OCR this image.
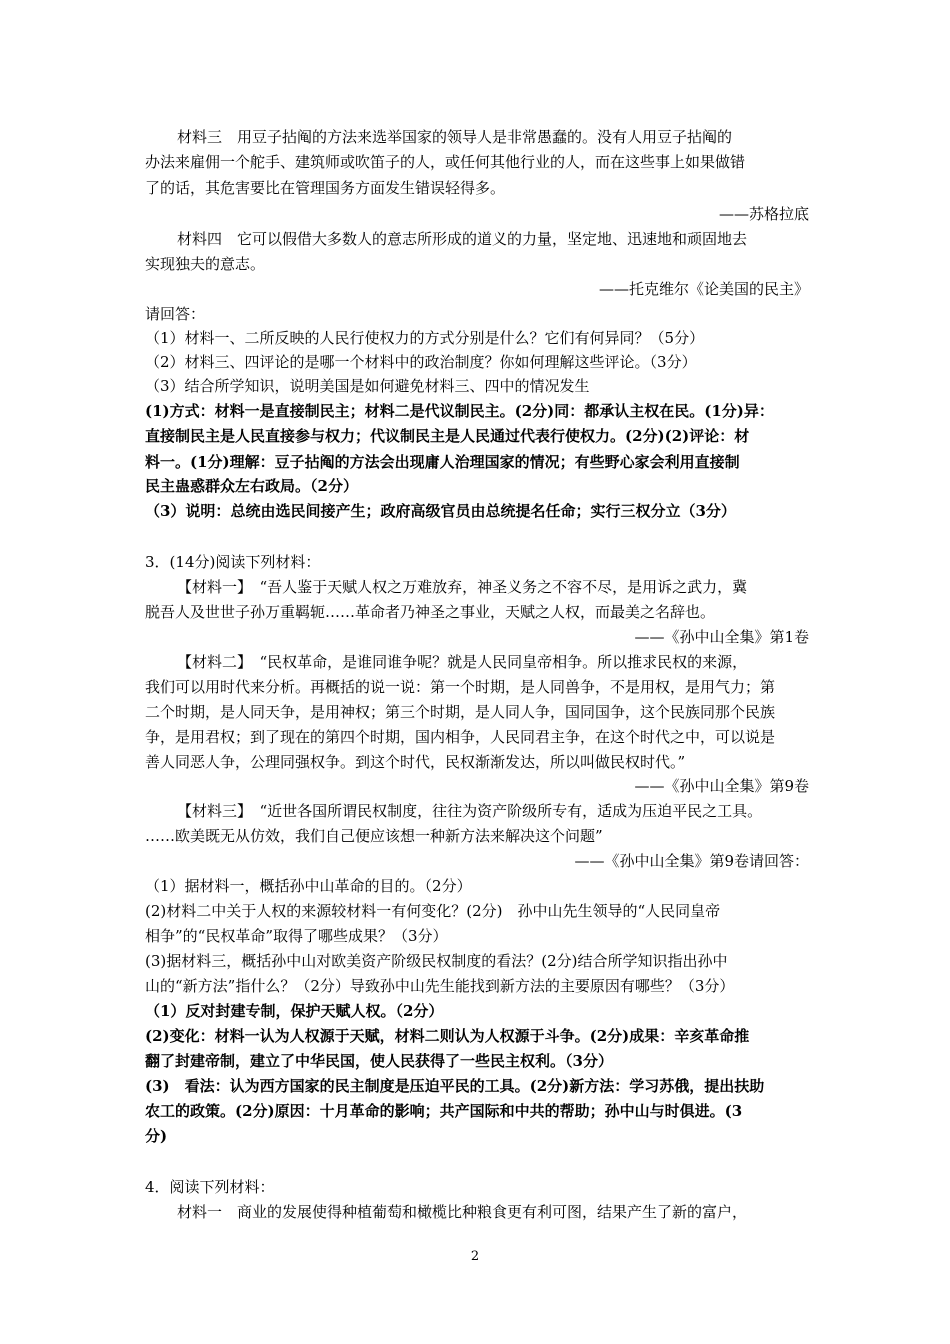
材料三　用豆子拈阄的方法来选举国家的领导人是非常愚蠢的。没有人用豆子拈阄的
办法来雇佣一个舵手、建筑师或吹笛子的人，或任何其他行业的人，而在这些事上如果做错
了的话，其危害要比在管理国务方面发生错误轻得多。
——苏格拉底
材料四　它可以假借大多数人的意志所形成的道义的力量，坚定地、迅速地和顽固地去
实现独夫的意志。
——托克维尔《论美国的民主》
请回答：
（1）材料一、二所反映的人民行使权力的方式分别是什么？它们有何异同？（5分）
（2）材料三、四评论的是哪一个材料中的政治制度？你如何理解这些评论。（3分）
（3）结合所学知识，说明美国是如何避免材料三、四中的情况发生
(1)方式：材料一是直接制民主；材料二是代议制民主。(2分)同：都承认主权在民。(1分)异：
直接制民主是人民直接参与权力；代议制民主是人民通过代表行使权力。(2分)(2)评论：材
料一。(1分)理解：豆子拈阄的方法会出现庸人治理国家的情况；有些野心家会利用直接制
民主蛊惑群众左右政局。（2分）
（3）说明：总统由选民间接产生；政府高级官员由总统提名任命；实行三权分立（3分）
3．(14分)阅读下列材料：
【材料一】　“吾人鉴于天赋人权之万难放弃，神圣义务之不容不尽，是用诉之武力，冀
脱吾人及世世子孙万重羁轭……革命者乃神圣之事业，天赋之人权，而最美之名辞也。
——《孙中山全集》第1卷
【材料二】　“民权革命，是谁同谁争呢？就是人民同皇帝相争。所以推求民权的来源，
我们可以用时代来分析。再概括的说一说：第一个时期，是人同兽争，不是用权，是用气力；第
二个时期，是人同天争，是用神权；第三个时期，是人同人争，国同国争，这个民族同那个民族
争，是用君权；到了现在的第四个时期，国内相争，人民同君主争，在这个时代之中，可以说是
善人同恶人争，公理同强权争。到这个时代，民权渐渐发达，所以叫做民权时代。”
——《孙中山全集》第9卷
【材料三】　“近世各国所谓民权制度，往往为资产阶级所专有，适成为压迫平民之工具。
……欧美既无从仿效，我们自己便应该想一种新方法来解决这个问题”
——《孙中山全集》第9卷请回答：
（1）据材料一，概括孙中山革命的目的。（2分）
(2)材料二中关于人权的来源较材料一有何变化？(2分)　孙中山先生领导的“人民同皇帝
相争”的“民权革命”取得了哪些成果？（3分）
(3)据材料三，概括孙中山对欧美资产阶级民权制度的看法？(2分)结合所学知识指出孙中
山的“新方法”指什么？（2分）导致孙中山先生能找到新方法的主要原因有哪些？（3分）
（1）反对封建专制，保护天赋人权。（2分）
(2)变化：材料一认为人权源于天赋，材料二则认为人权源于斗争。(2分)成果：辛亥革命推
翻了封建帝制，建立了中华民国，使人民获得了一些民主权利。（3分）
(3)　看法：认为西方国家的民主制度是压迫平民的工具。(2分)新方法：学习苏俄，提出扶助
农工的政策。(2分)原因：十月革命的影响；共产国际和中共的帮助；孙中山与时俱进。(3
分)
4．阅读下列材料：
材料一　商业的发展使得种植葡萄和橄榄比种粮食更有利可图，结果产生了新的富户，
2
